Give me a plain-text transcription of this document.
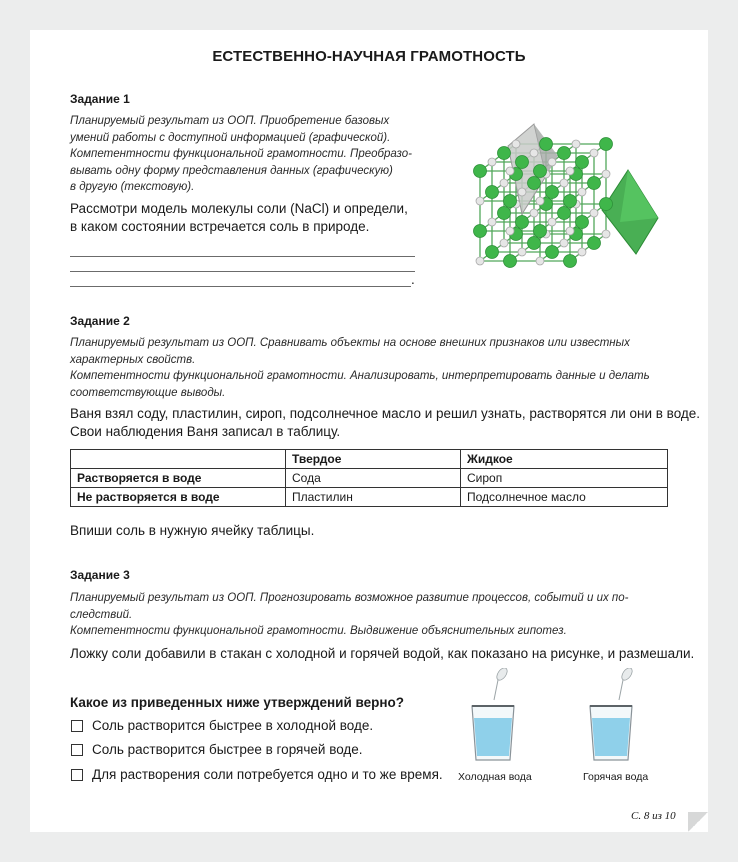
ЕСТЕСТВЕННО-НАУЧНАЯ ГРАМОТНОСТЬ
Задание 1
Планируемый результат из ООП. Приобретение базовых
умений работы с доступной информацией (графической).
Компетентности функциональной грамотности. Преобразо-
вывать одну форму представления данных (графическую)
в другую (текстовую).
Рассмотри модель молекулы соли (NaCl) и определи,
в каком состоянии встречается соль в природе.
.
Задание 2
Планируемый результат из ООП. Сравнивать объекты на основе внешних признаков или известных
характерных свойств.
Компетентности функциональной грамотности. Анализировать, интерпретировать данные и делать
соответствующие выводы.
Ваня взял соду, пластилин, сироп, подсолнечное масло и решил узнать, растворятся ли они в воде.
Свои наблюдения Ваня записал в таблицу.
	Твердое	Жидкое
Растворяется в воде	Сода	Сироп
Не растворяется в воде	Пластилин	Подсолнечное масло
Впиши соль в нужную ячейку таблицы.
Задание 3
Планируемый результат из ООП. Прогнозировать возможное развитие процессов, событий и их по-
следствий.
Компетентности функциональной грамотности. Выдвижение объяснительных гипотез.
Ложку соли добавили в стакан с холодной и горячей водой, как показано на рисунке, и размешали.
Какое из приведенных ниже утверждений верно?
Соль растворится быстрее в холодной воде.
Соль растворится быстрее в горячей воде.
Для растворения соли потребуется одно и то же время. Холодная вода	Горячая вода
С. 8 из 10
